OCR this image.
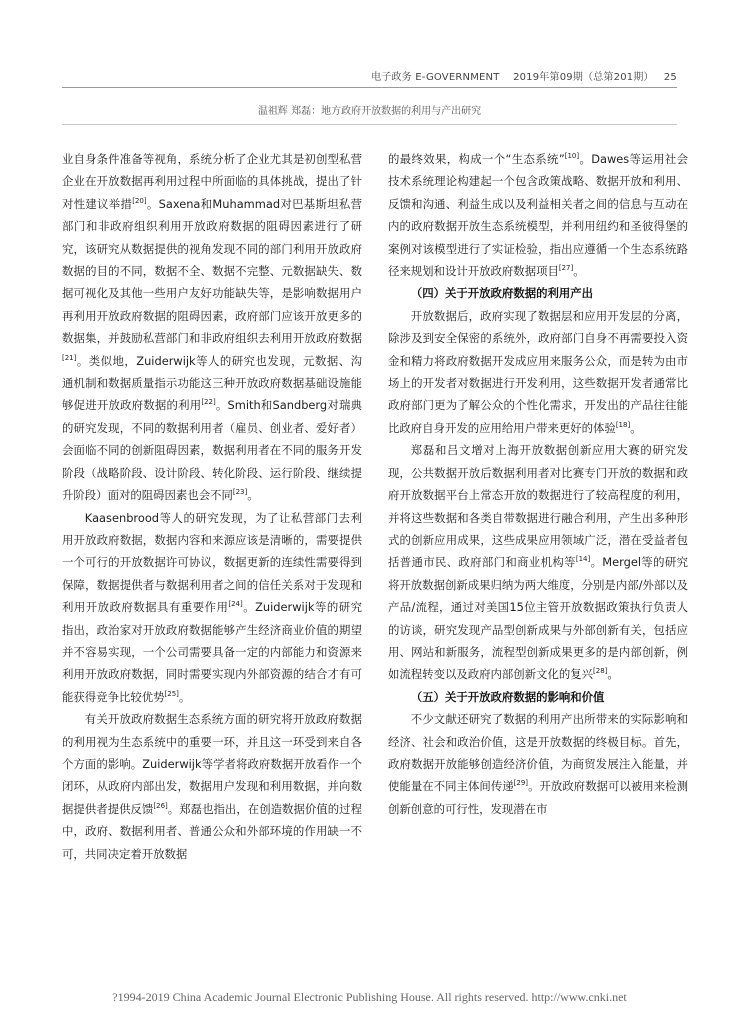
电子政务 E-GOVERNMENT 2019年第09期（总第201期） 25
温祖辉 郑磊：地方政府开放数据的利用与产出研究

业自身条件准备等视角，系统分析了企业尤其是初创型私营企业在开放数据再利用过程中所面临的具体挑战，提出了针对性建议举措[20]。Saxena和Muhammad对巴基斯坦私营部门和非政府组织利用开放政府数据的阻碍因素进行了研究，该研究从数据提供的视角发现不同的部门利用开放政府数据的目的不同，数据不全、数据不完整、元数据缺失、数据可视化及其他一些用户友好功能缺失等，是影响数据用户再利用开放政府数据的阻碍因素，政府部门应该开放更多的数据集，并鼓励私营部门和非政府组织去利用开放政府数据[21]。类似地，Zuiderwijk等人的研究也发现，元数据、沟通机制和数据质量指示功能这三种开放政府数据基础设施能够促进开放政府数据的利用[22]。Smith和Sandberg对瑞典的研究发现，不同的数据利用者（雇员、创业者、爱好者）会面临不同的创新阻碍因素，数据利用者在不同的服务开发阶段（战略阶段、设计阶段、转化阶段、运行阶段、继续提升阶段）面对的阻碍因素也会不同[23]。

Kaasenbrood等人的研究发现，为了让私营部门去利用开放政府数据，数据内容和来源应该是清晰的，需要提供一个可行的开放数据许可协议，数据更新的连续性需要得到保障，数据提供者与数据利用者之间的信任关系对于发现和利用开放政府数据具有重要作用[24]。Zuiderwijk等的研究指出，政治家对开放政府数据能够产生经济商业价值的期望并不容易实现，一个公司需要具备一定的内部能力和资源来利用开放政府数据，同时需要实现内外部资源的结合才有可能获得竞争比较优势[25]。

有关开放政府数据生态系统方面的研究将开放政府数据的利用视为生态系统中的重要一环，并且这一环受到来自各个方面的影响。Zuiderwijk等学者将政府数据开放看作一个闭环，从政府内部出发，数据用户发现和利用数据，并向数据提供者提供反馈[26]。郑磊也指出，在创造数据价值的过程中，政府、数据利用者、普通公众和外部环境的作用缺一不可，共同决定着开放数据

的最终效果，构成一个“生态系统”[10]。Dawes等运用社会技术系统理论构建起一个包含政策战略、数据开放和利用、反馈和沟通、利益生成以及利益相关者之间的信息与互动在内的政府数据开放生态系统模型，并利用纽约和圣彼得堡的案例对该模型进行了实证检验，指出应遵循一个生态系统路径来规划和设计开放政府数据项目[27]。

（四）关于开放政府数据的利用产出

开放数据后，政府实现了数据层和应用开发层的分离，除涉及到安全保密的系统外，政府部门自身不再需要投入资金和精力将政府数据开发成应用来服务公众，而是转为由市场上的开发者对数据进行开发利用，这些数据开发者通常比政府部门更为了解公众的个性化需求，开发出的产品往往能比政府自身开发的应用给用户带来更好的体验[18]。

郑磊和吕文增对上海开放数据创新应用大赛的研究发现，公共数据开放后数据利用者对比赛专门开放的数据和政府开放数据平台上常态开放的数据进行了较高程度的利用，并将这些数据和各类自带数据进行融合利用，产生出多种形式的创新应用成果，这些成果应用领域广泛，潜在受益者包括普通市民、政府部门和商业机构等[14]。Mergel等的研究将开放数据创新成果归纳为两大维度，分别是内部/外部以及产品/流程，通过对美国15位主管开放数据政策执行负责人的访谈，研究发现产品型创新成果与外部创新有关，包括应用、网站和新服务，流程型创新成果更多的是内部创新，例如流程转变以及政府内部创新文化的复兴[28]。

（五）关于开放政府数据的影响和价值

不少文献还研究了数据的利用产出所带来的实际影响和经济、社会和政治价值，这是开放数据的终极目标。首先，政府数据开放能够创造经济价值，为商贸发展注入能量，并使能量在不同主体间传递[29]。开放政府数据可以被用来检测创新创意的可行性，发现潜在市

?1994-2019 China Academic Journal Electronic Publishing House. All rights reserved. http://www.cnki.net
